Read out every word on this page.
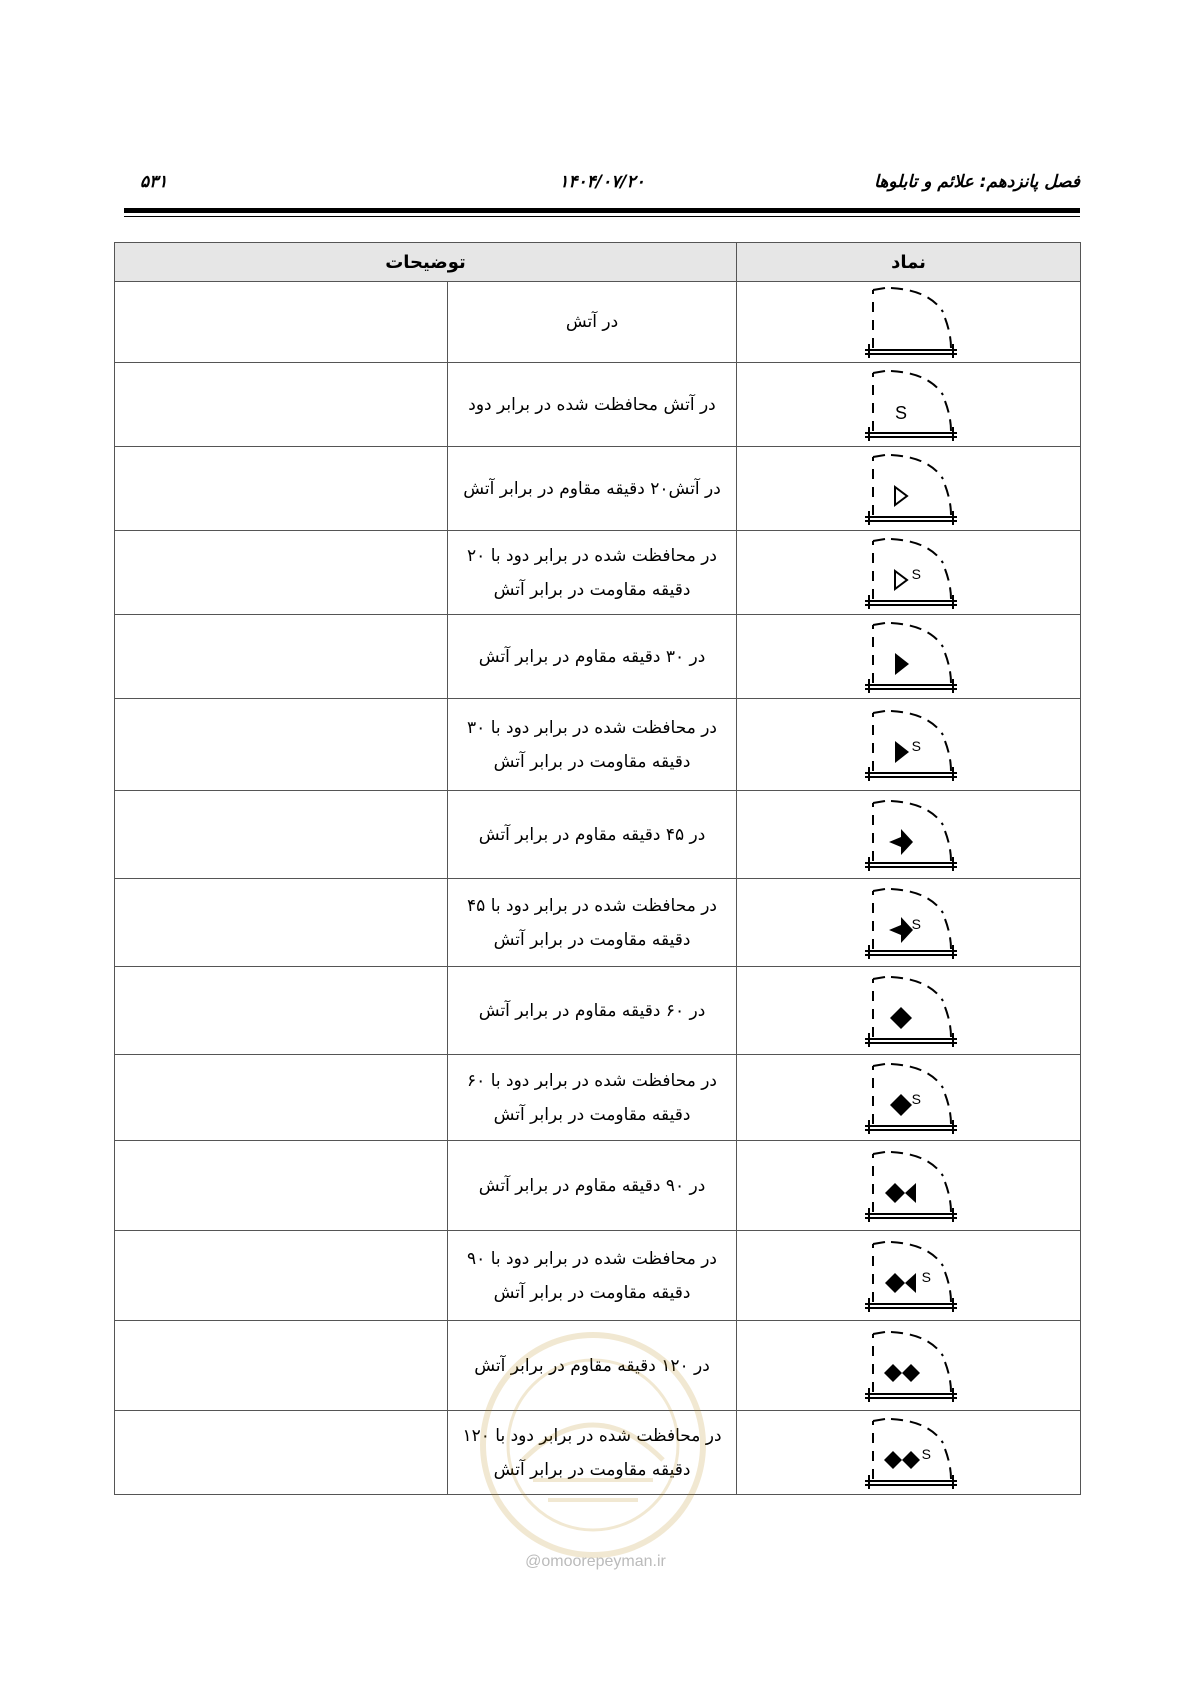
فصل پانزدهم: علائم و تابلوها
۱۴۰۴/۰۷/۲۰
۵۳۱
نماد	توضیحات	

	در آتش	

S	در آتش محافظت شده در برابر دود	

	در آتش۲۰ دقیقه مقاوم در برابر آتش	

S	در محافظت شده در برابر دود با ۲۰ دقیقه مقاومت در برابر آتش	

	در ۳۰ دقیقه مقاوم در برابر آتش	

S	در محافظت شده در برابر دود با ۳۰ دقیقه مقاومت در برابر آتش	

	در ۴۵ دقیقه مقاوم در برابر آتش	

S	در محافظت شده در برابر دود با ۴۵ دقیقه مقاومت در برابر آتش	

	در ۶۰ دقیقه مقاوم در برابر آتش	

S	در محافظت شده در برابر دود با ۶۰ دقیقه مقاومت در برابر آتش	

	در ۹۰ دقیقه مقاوم در برابر آتش	

S	در محافظت شده در برابر دود با ۹۰ دقیقه مقاومت در برابر آتش	

	در ۱۲۰ دقیقه مقاوم در برابر آتش	

S	در محافظت شده در برابر دود با ۱۲۰ دقیقه مقاومت در برابر آتش	
@omoorepeyman.ir
